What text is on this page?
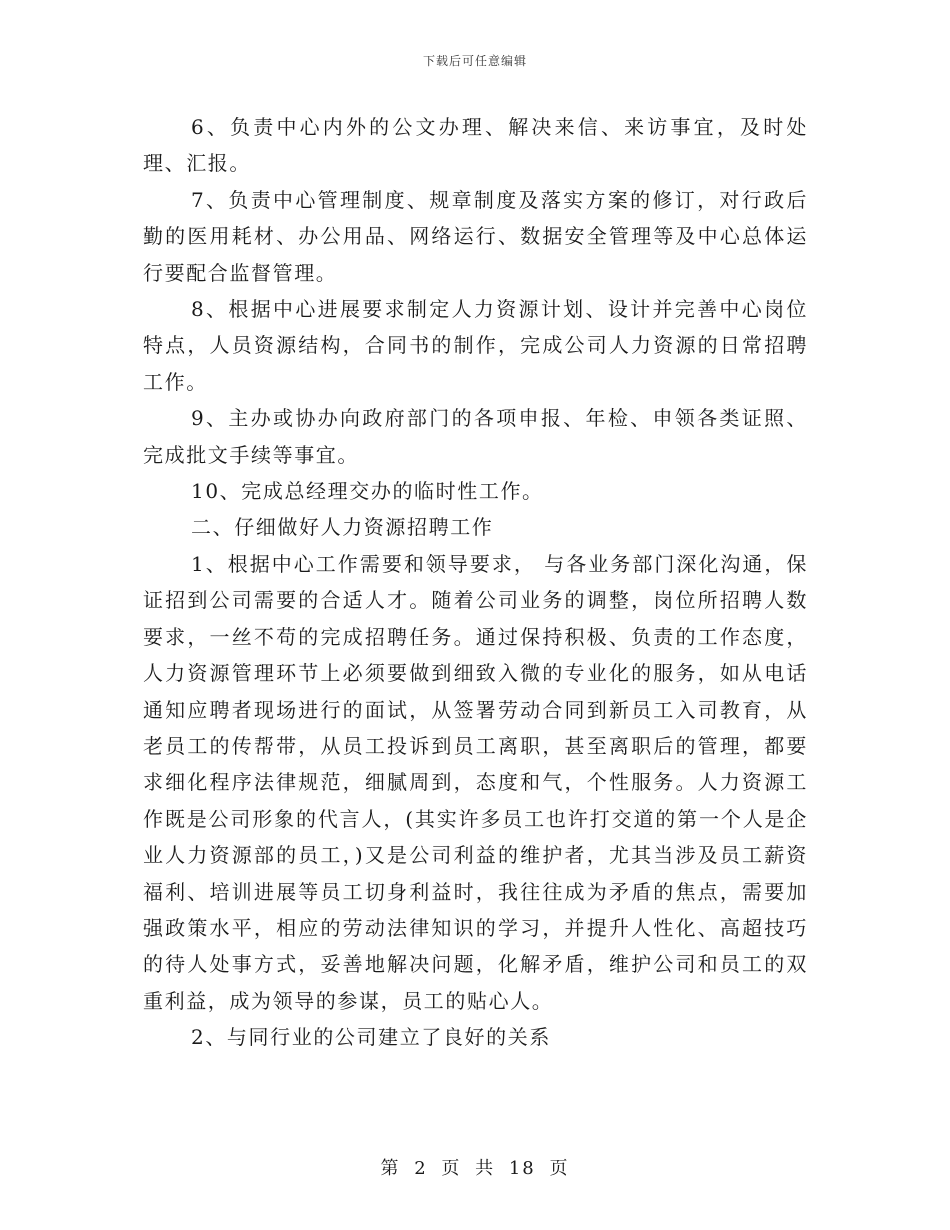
下载后可任意编辑

6、负责中心内外的公文办理、解决来信、来访事宜，及时处理、汇报。

7、负责中心管理制度、规章制度及落实方案的修订，对行政后勤的医用耗材、办公用品、网络运行、数据安全管理等及中心总体运行要配合监督管理。

8、根据中心进展要求制定人力资源计划、设计并完善中心岗位特点，人员资源结构，合同书的制作，完成公司人力资源的日常招聘工作。

9、主办或协办向政府部门的各项申报、年检、申领各类证照、完成批文手续等事宜。

10、完成总经理交办的临时性工作。

二、仔细做好人力资源招聘工作

1、根据中心工作需要和领导要求， 与各业务部门深化沟通，保证招到公司需要的合适人才。随着公司业务的调整，岗位所招聘人数要求，一丝不苟的完成招聘任务。通过保持积极、负责的工作态度，人力资源管理环节上必须要做到细致入微的专业化的服务，如从电话通知应聘者现场进行的面试，从签署劳动合同到新员工入司教育，从老员工的传帮带，从员工投诉到员工离职，甚至离职后的管理，都要求细化程序法律规范，细腻周到，态度和气，个性服务。人力资源工作既是公司形象的代言人，(其实许多员工也许打交道的第一个人是企业人力资源部的员工，)又是公司利益的维护者，尤其当涉及员工薪资福利、培训进展等员工切身利益时，我往往成为矛盾的焦点，需要加强政策水平，相应的劳动法律知识的学习，并提升人性化、高超技巧的待人处事方式，妥善地解决问题，化解矛盾，维护公司和员工的双重利益，成为领导的参谋，员工的贴心人。

2、与同行业的公司建立了良好的关系

第 2 页 共 18 页
